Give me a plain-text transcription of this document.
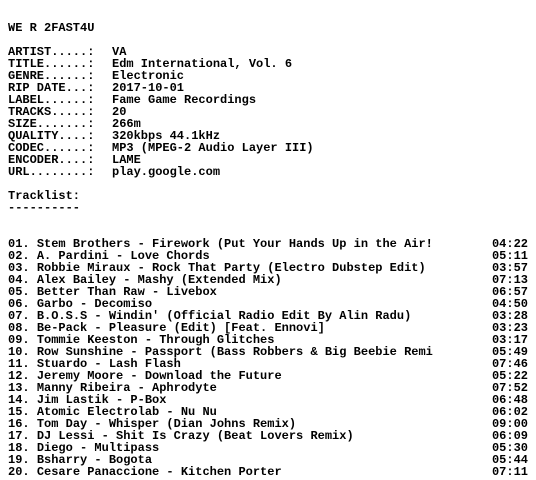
WE R 2FAST4U
ARTIST.....:	VA
TITLE......:	Edm International, Vol. 6
GENRE......:	Electronic
RIP DATE...:	2017-10-01
LABEL......:	Fame Game Recordings
TRACKS.....:	20
SIZE.......:	266m
QUALITY....:	320kbps 44.1kHz
CODEC......:	MP3 (MPEG-2 Audio Layer III)
ENCODER....:	LAME
URL........:	play.google.com
Tracklist:
----------
01.
Stem Brothers - Firework (Put Your Hands Up in the Air!	04:22
02.
A. Pardini - Love Chords	05:11
03.
Robbie Miraux - Rock That Party (Electro Dubstep Edit)	03:57
04.
Alex Bailey - Mashy (Extended Mix)	07:13
05.
Better Than Raw - Livebox	06:57
06.
Garbo - Decomiso	04:50
07.
B.O.S.S - Windin' (Official Radio Edit By Alin Radu)	03:28
08.
Be-Pack - Pleasure (Edit) [Feat. Ennovi]	03:23
09.
Tommie Keeston - Through Glitches	03:17
10.
Row Sunshine - Passport (Bass Robbers & Big Beebie Remi	05:49
11.
Stuardo - Lash Flash	07:46
12.
Jeremy Moore - Download the Future	05:22
13.
Manny Ribeira - Aphrodyte	07:52
14.
Jim Lastik - P-Box	06:48
15.
Atomic Electrolab - Nu Nu	06:02
16.
Tom Day - Whisper (Dian Johns Remix)	09:00
17.
DJ Lessi - Shit Is Crazy (Beat Lovers Remix)	06:09
18.
Diego - Multipass	05:30
19.
Bsharry - Bogota	05:44
20.
Cesare Panaccione - Kitchen Porter	07:11
